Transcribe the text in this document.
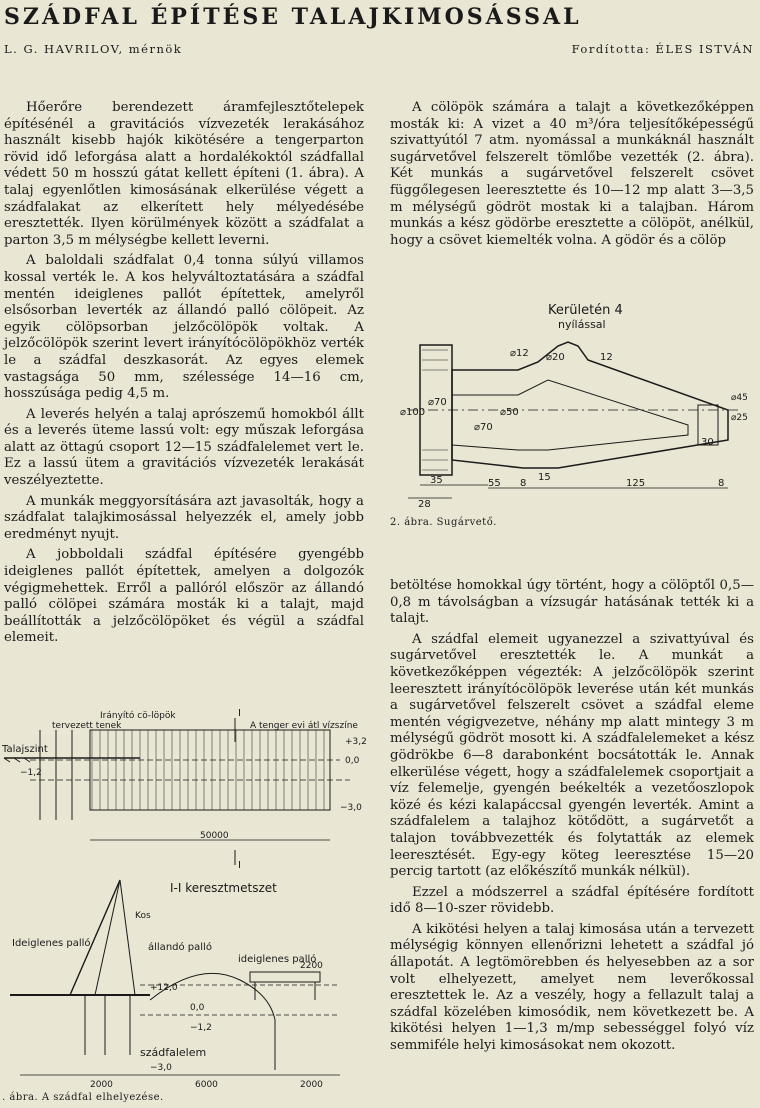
SZÁDFAL ÉPÍTÉSE TALAJKIMOSÁSSAL
L. G. HAVRILOV, mérnök	Fordította: ÉLES ISTVÁN

Hőerőre berendezett áramfejlesztőtelepek építésénél a gravitációs vízvezeték lerakásához használt kisebb hajók kikötésére a tengerparton rövid idő leforgása alatt a hordalékoktól szádfallal védett 50 m hosszú gátat kellett építeni (1. ábra). A talaj egyenlőtlen kimosásának elkerülése végett a szádfalakat az elkerített hely mélyedésébe eresztették. Ilyen körülmények között a szádfalat a parton 3,5 m mélységbe kellett leverni.

A baloldali szádfalat 0,4 tonna súlyú villamos kossal verték le. A kos helyváltoztatására a szádfal mentén ideiglenes pallót építettek, amelyről elsősorban leverték az állandó palló cölöpeit. Az egyik cölöpsorban jelzőcölöpök voltak. A jelzőcölöpök szerint levert irányítócölöpökhöz verték le a szádfal deszkasorát. Az egyes elemek vastagsága 50 mm, szélessége 14—16 cm, hosszúsága pedig 4,5 m.

A leverés helyén a talaj aprószemű homokból állt és a leverés üteme lassú volt: egy műszak leforgása alatt az öttagú csoport 12—15 szádfalelemet vert le. Ez a lassú ütem a gravitációs vízvezeték lerakását veszélyeztette.

A munkák meggyorsítására azt javasolták, hogy a szádfalat talajkimosással helyezzék el, amely jobb eredményt nyujt.

A jobboldali szádfal építésére gyengébb ideiglenes pallót építettek, amelyen a dolgozók végigmehettek. Erről a pallóról először az állandó palló cölöpei számára mosták ki a talajt, majd beállították a jelzőcölöpöket és végül a szádfal elemeit.

A cölöpök számára a talajt a következőképpen mosták ki: A vizet a 40 m³/óra teljesítőképességű szivattyútól 7 atm. nyomással a munkáknál használt sugárvetővel felszerelt tömlőbe vezették (2. ábra). Két munkás a sugárvetővel felszerelt csövet függőlegesen leeresztette és 10—12 mp alatt 3—3,5 m mélységű gödröt mostak ki a talajban. Három munkás a kész gödörbe eresztette a cölöpöt, anélkül, hogy a csövet kiemelték volna. A gödör és a cölöp

betöltése homokkal úgy történt, hogy a cölöptől 0,5—0,8 m távolságban a vízsugár hatásának tették ki a talajt.

A szádfal elemeit ugyanezzel a szivattyúval és sugárvetővel eresztették le. A munkát a következőképpen végezték: A jelzőcölöpök szerint leeresztett irányítócölöpök leverése után két munkás a sugárvetővel felszerelt csövet a szádfal eleme mentén végigvezetve, néhány mp alatt mintegy 3 m mélységű gödröt mosott ki. A szádfalelemeket a kész gödrökbe 6—8 darabonként bocsátották le. Annak elkerülése végett, hogy a szádfalelemek csoportjait a víz felemelje, gyengén beékelték a vezetőoszlopok közé és kézi kalapáccsal gyengén leverték. Amint a szádfalelem a talajhoz kötődött, a sugárvetőt a talajon továbbvezették és folytatták az elemek leeresztését. Egy-egy köteg leeresztése 15—20 percig tartott (az előkészítő munkák nélkül).

Ezzel a módszerrel a szádfal építésére fordított idő 8—10-szer rövidebb.

A kikötési helyen a talaj kimosása után a tervezett mélységig könnyen ellenőrizni lehetett a szádfal jó állapotát. A legtömörebben és helyesebben az a sor volt elhelyezett, amelyet nem leverőkossal eresztettek le. Az a veszély, hogy a fellazult talaj a szádfal közelében kimosódik, nem következett be. A kikötési helyen 1—1,3 m/mp sebességgel folyó víz semmiféle helyi kimosásokat nem okozott.

Kerületén 4
nyílással
⌀12 ⌀20	12
⌀100
⌀70
⌀70
⌀50
⌀45
⌀25
30
35
28
55 8
15
125	8
2. ábra. Sugárvető.
Talajszint
tervezett tenek
Irányító cö-löpök
A tenger evi átl vízszíne
I
I
+3,2
0,0
−1,2
−3,0
50000
I-I keresztmetszet
Kos
Ideiglenes palló	állandó palló
ideiglenes palló
2200
+12,0
0,0
−1,2
−3,0
szádfalelem
2000	6000	2000
. ábra. A szádfal elhelyezése.
